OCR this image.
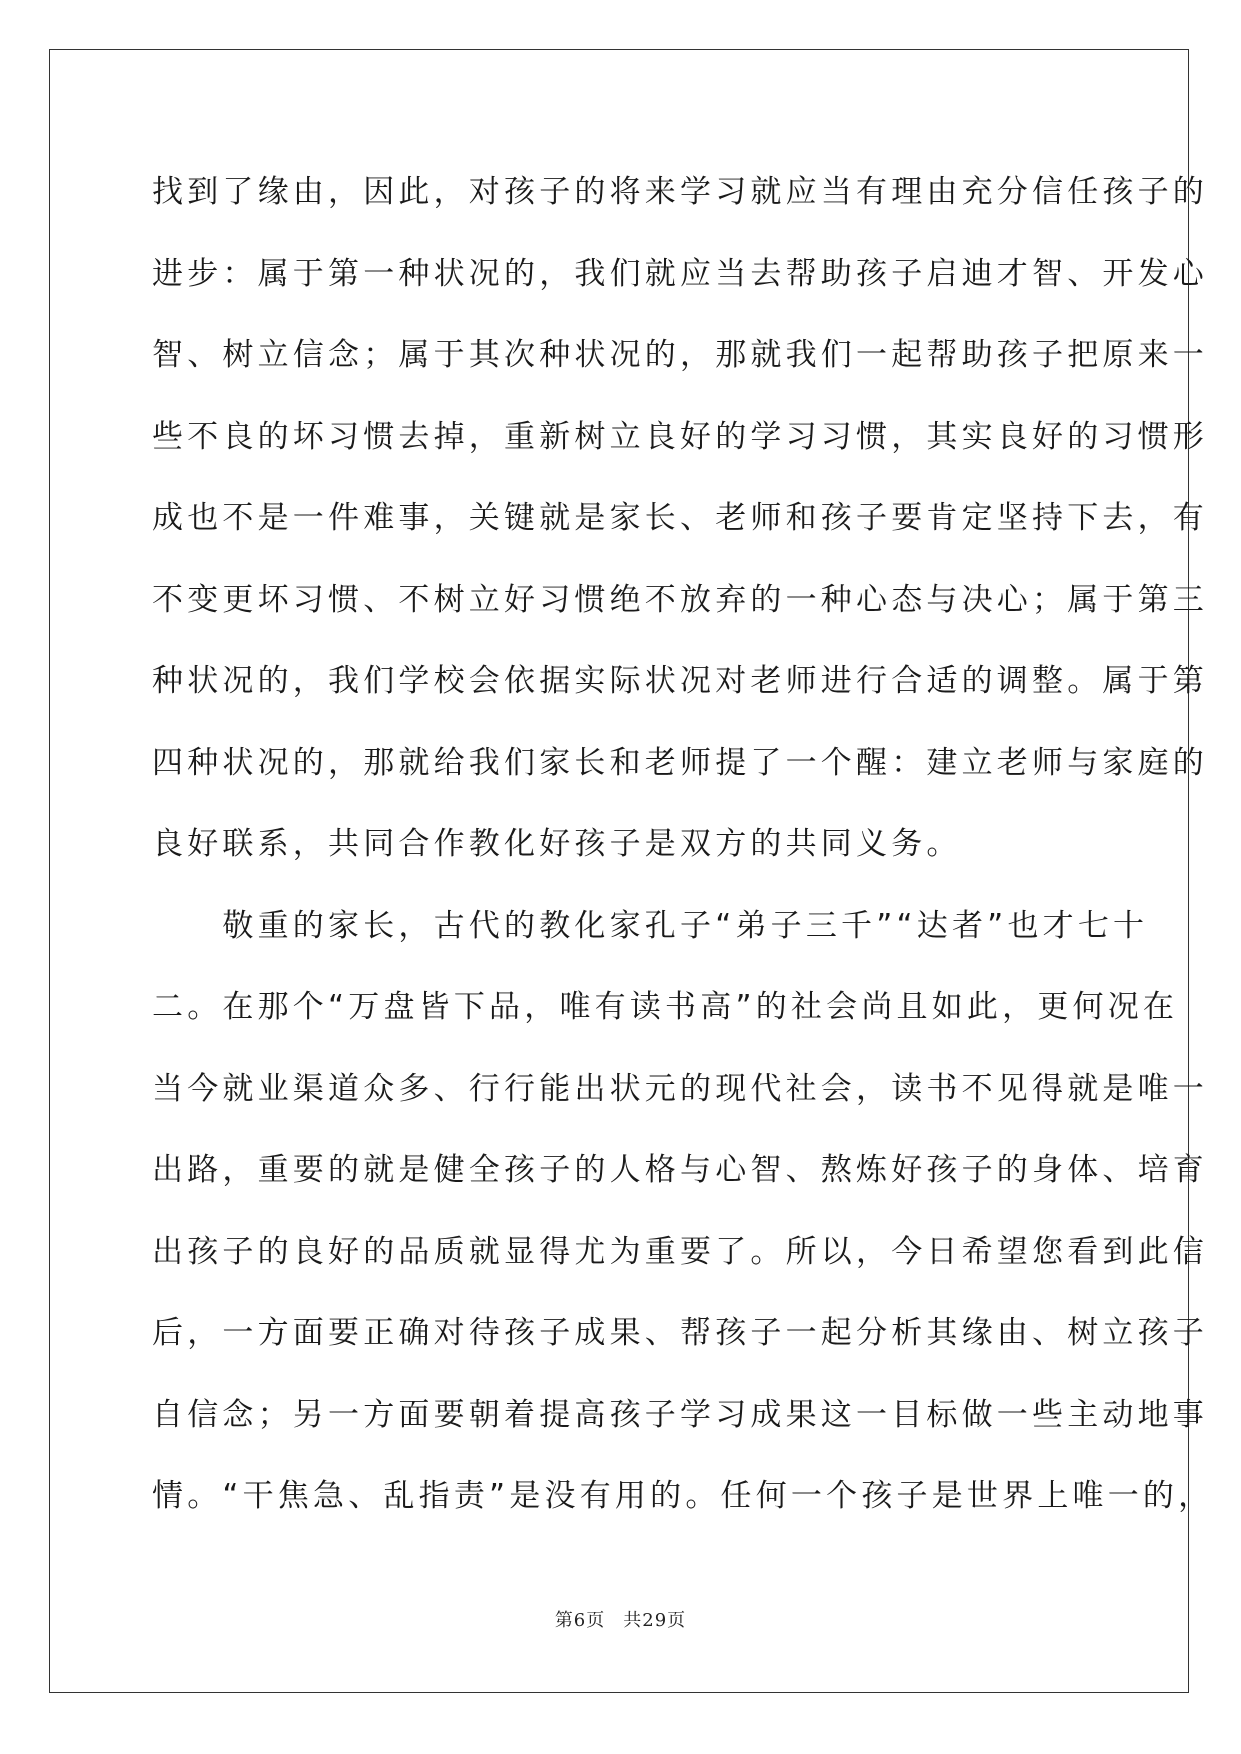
找到了缘由，因此，对孩子的将来学习就应当有理由充分信任孩子的
进步：属于第一种状况的，我们就应当去帮助孩子启迪才智、开发心
智、树立信念；属于其次种状况的，那就我们一起帮助孩子把原来一
些不良的坏习惯去掉，重新树立良好的学习习惯，其实良好的习惯形
成也不是一件难事，关键就是家长、老师和孩子要肯定坚持下去，有
不变更坏习惯、不树立好习惯绝不放弃的一种心态与决心；属于第三
种状况的，我们学校会依据实际状况对老师进行合适的调整。属于第
四种状况的，那就给我们家长和老师提了一个醒：建立老师与家庭的
良好联系，共同合作教化好孩子是双方的共同义务。
　　敬重的家长，古代的教化家孔子“弟子三千”“达者”也才七十
二。在那个“万盘皆下品，唯有读书高”的社会尚且如此，更何况在
当今就业渠道众多、行行能出状元的现代社会，读书不见得就是唯一
出路，重要的就是健全孩子的人格与心智、熬炼好孩子的身体、培育
出孩子的良好的品质就显得尤为重要了。所以，今日希望您看到此信
后，一方面要正确对待孩子成果、帮孩子一起分析其缘由、树立孩子
自信念；另一方面要朝着提高孩子学习成果这一目标做一些主动地事
情。“干焦急、乱指责”是没有用的。任何一个孩子是世界上唯一的，
第6页 共29页
